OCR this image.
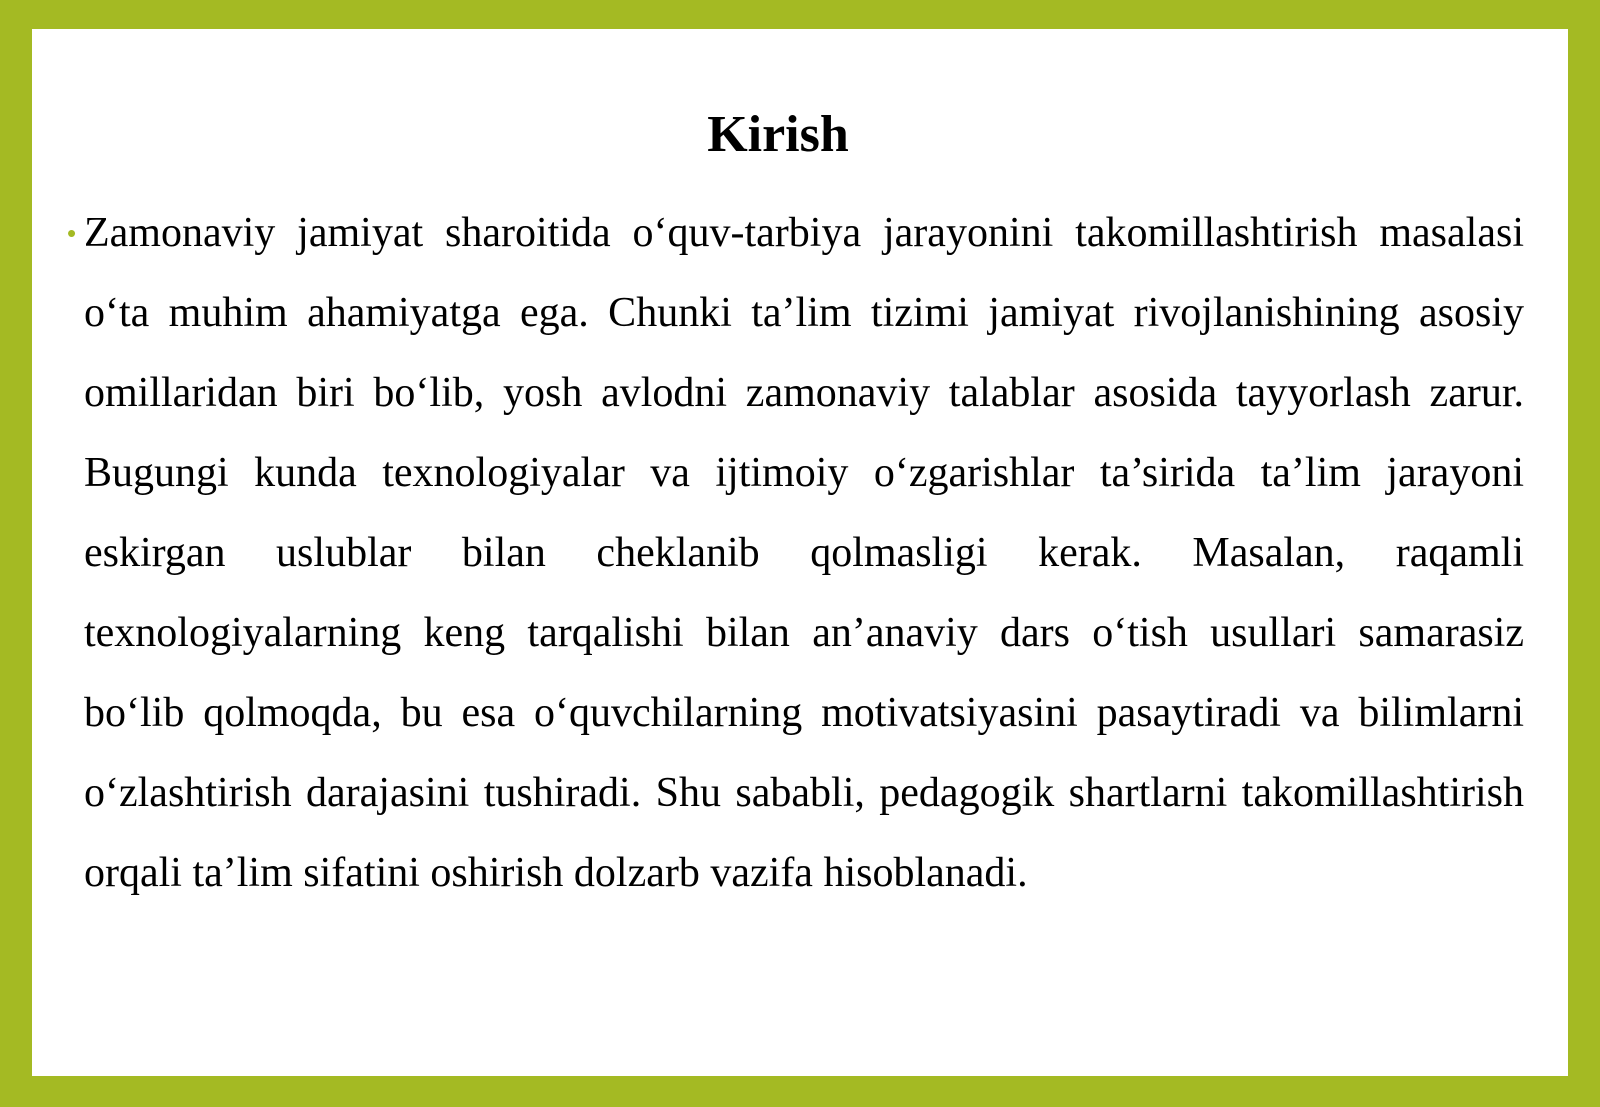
Kirish
• Zamonaviy jamiyat sharoitida o‘quv-tarbiya jarayonini takomillashtirish masalasi o‘ta muhim ahamiyatga ega. Chunki ta’lim tizimi jamiyat rivojlanishining asosiy omillaridan biri bo‘lib, yosh avlodni zamonaviy talablar asosida tayyorlash zarur. Bugungi kunda texnologiyalar va ijtimoiy o‘zgarishlar ta’sirida ta’lim jarayoni eskirgan uslublar bilan cheklanib qolmasligi kerak. Masalan, raqamli texnologiyalarning keng tarqalishi bilan an’anaviy dars o‘tish usullari samarasiz bo‘lib qolmoqda, bu esa o‘quvchilarning motivatsiyasini pasaytiradi va bilimlarni o‘zlashtirish darajasini tushiradi. Shu sababli, pedagogik shartlarni takomillashtirish orqali ta’lim sifatini oshirish dolzarb vazifa hisoblanadi.
